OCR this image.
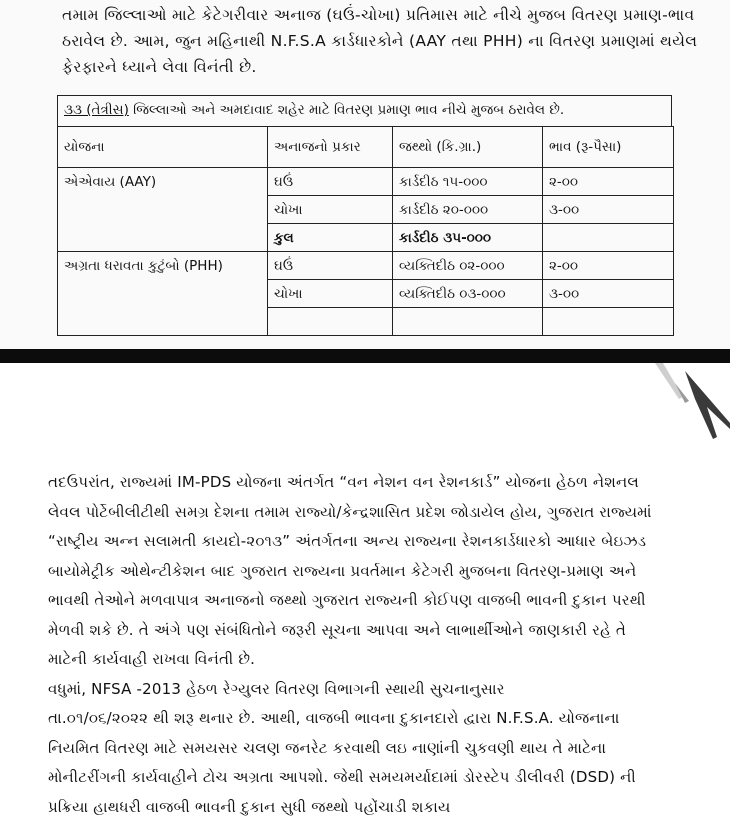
તમામ જિલ્લાઓ માટે કેટેગરીવાર અનાજ (ઘઉં-ચોખા) પ્રતિમાસ માટે નીચે મુજબ વિતરણ પ્રમાણ-ભાવ
ઠરાવેલ છે. આમ, જુન મહિનાથી N.F.S.A કાર્ડધારકોને (AAY તથા PHH) ના વિતરણ પ્રમાણમાં થયેલ
ફેરફારને ધ્યાને લેવા વિનંતી છે.
૩૩ (તેત્રીસ) જિલ્લાઓ અને અમદાવાદ શહેર માટે વિતરણ પ્રમાણ ભાવ નીચે મુજબ ઠરાવેલ છે.
યોજના	અનાજનો પ્રકાર	જથ્થો (કિ.ગ્રા.)	ભાવ (રૂ-પૈસા)
એએવાય (AAY)	ઘઉં	કાર્ડદીઠ ૧૫-૦૦૦	૨-૦૦
	ચોખા	કાર્ડદીઠ ૨૦-૦૦૦	૩-૦૦
	કુલ	કાર્ડદીઠ ૩૫-૦૦૦	
અગ્રતા ધરાવતા કુટુંબો (PHH)	ઘઉં	વ્યક્તિદીઠ ૦૨-૦૦૦	૨-૦૦
	ચોખા	વ્યક્તિદીઠ ૦૩-૦૦૦	૩-૦૦

તદઉપરાંત, રાજ્યમાં IM-PDS યોજના અંતર્ગત “વન નેશન વન રેશનકાર્ડ” યોજના હેઠળ નેશનલ
લેવલ પોર્ટેબીલીટીથી સમગ્ર દેશના તમામ રાજ્યો/કેન્દ્રશાસિત પ્રદેશ જોડાયેલ હોય, ગુજરાત રાજ્યમાં
“રાષ્ટ્રીય અન્ન સલામતી કાયદો-૨૦૧૩” અંતર્ગતના અન્ય રાજ્યના રેશનકાર્ડધારકો આધાર બેઇઝડ
બાયોમેટ્રીક ઓથેન્ટીકેશન બાદ ગુજરાત રાજ્યના પ્રવર્તમાન કેટેગરી મુજબના વિતરણ-પ્રમાણ અને
ભાવથી તેઓને મળવાપાત્ર અનાજનો જથ્થો ગુજરાત રાજ્યની કોઈપણ વાજબી ભાવની દુકાન પરથી
મેળવી શકે છે. તે અંગે પણ સંબંધિતોને જરૂરી સૂચના આપવા અને લાભાર્થીઓને જાણકારી રહે તે
માટેની કાર્યવાહી રાખવા વિનંતી છે.
વધુમાં, NFSA -2013 હેઠળ રેગ્યુલર વિતરણ વિભાગની સ્થાયી સુચનાનુસાર
તા.૦૧/૦૬/૨૦૨૨ થી શરૂ થનાર છે. આથી, વાજબી ભાવના દુકાનદારો દ્વારા N.F.S.A. યોજનાના
નિયમિત વિતરણ માટે સમયસર ચલણ જનરેટ કરવાથી લઇ નાણાંની ચુકવણી થાય તે માટેના
મોનીટરીંગની કાર્યવાહીને ટોચ અગ્રતા આપશો. જેથી સમયમર્યાદામાં ડોરસ્ટેપ ડીલીવરી (DSD) ની
પ્રક્રિયા હાથધરી વાજબી ભાવની દુકાન સુધી જથ્થો પહોંચાડી શકાય
